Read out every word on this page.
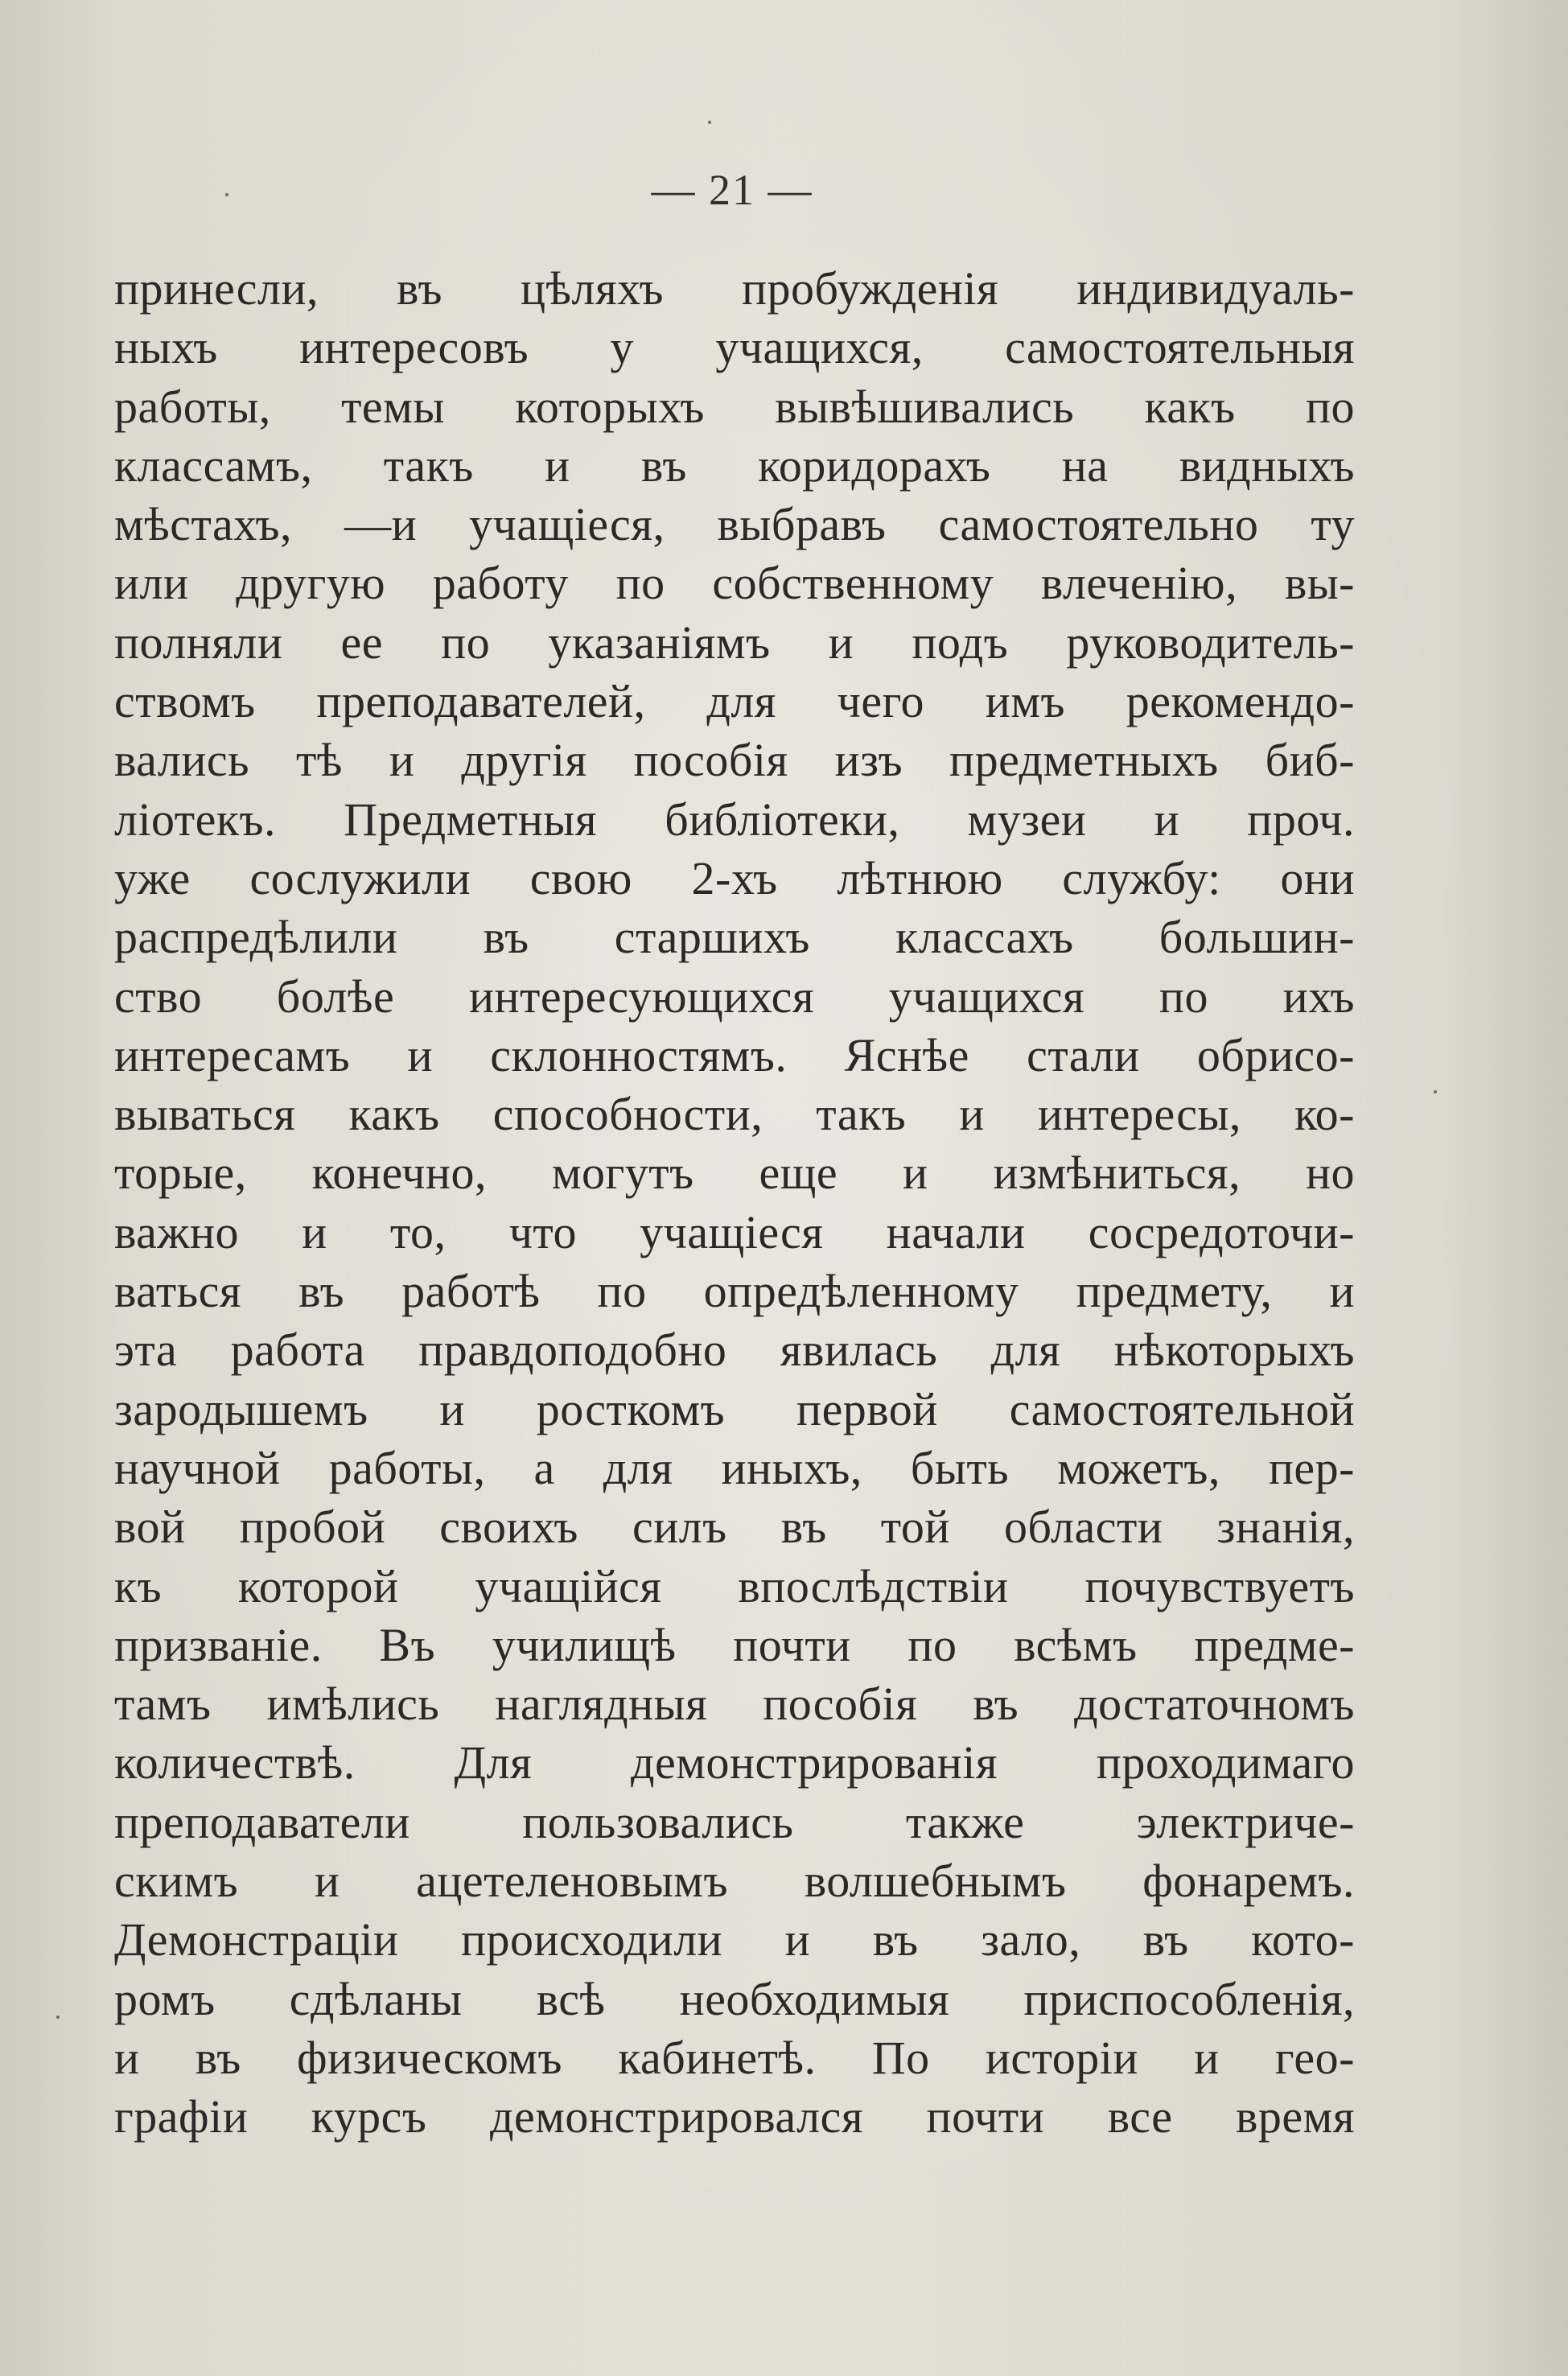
— 21 —
принесли, въ цѣляхъ пробужденія индивидуаль-
ныхъ интересовъ у учащихся, самостоятельныя
работы, темы которыхъ вывѣшивались какъ по
классамъ, такъ и въ коридорахъ на видныхъ
мѣстахъ, —и учащіеся, выбравъ самостоятельно ту
или другую работу по собственному влеченію, вы-
полняли ее по указаніямъ и подъ руководитель-
ствомъ преподавателей, для чего имъ рекомендо-
вались тѣ и другія пособія изъ предметныхъ биб-
ліотекъ. Предметныя библіотеки, музеи и проч.
уже сослужили свою 2-хъ лѣтнюю службу: они
распредѣлили въ старшихъ классахъ большин-
ство болѣе интересующихся учащихся по ихъ
интересамъ и склонностямъ. Яснѣе стали обрисо-
вываться какъ способности, такъ и интересы, ко-
торые, конечно, могутъ еще и измѣниться, но
важно и то, что учащіеся начали сосредоточи-
ваться въ работѣ по опредѣленному предмету, и
эта работа правдоподобно явилась для нѣкоторыхъ
зародышемъ и росткомъ первой самостоятельной
научной работы, а для иныхъ, быть можетъ, пер-
вой пробой своихъ силъ въ той области знанія,
къ которой учащійся впослѣдствіи почувствуетъ
призваніе. Въ училищѣ почти по всѣмъ предме-
тамъ имѣлись наглядныя пособія въ достаточномъ
количествѣ. Для демонстрированія проходимаго
преподаватели пользовались также электриче-
скимъ и ацетеленовымъ волшебнымъ фонаремъ.
Демонстраціи происходили и въ зало, въ кото-
ромъ сдѣланы всѣ необходимыя приспособленія,
и въ физическомъ кабинетѣ. По исторіи и гео-
графіи курсъ демонстрировался почти все время
